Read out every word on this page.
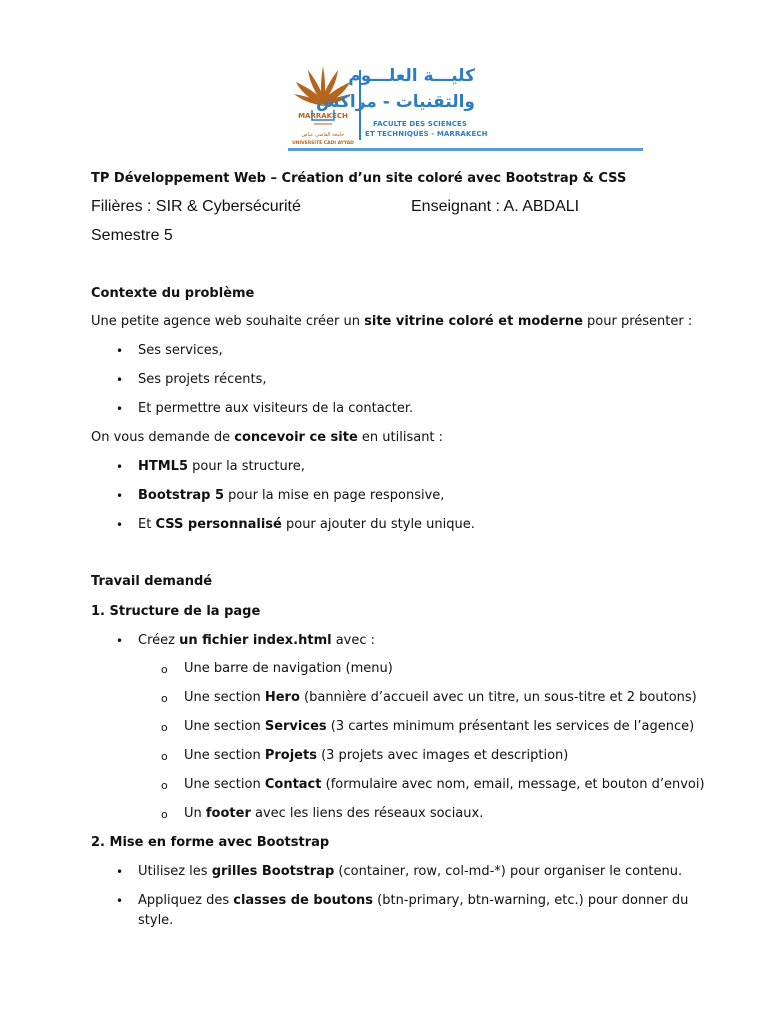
MARRAKECH
جامعة القاضي عياض
UNIVERSITÉ CADI AYYAD
كليـــة العلـــوم
والتقنيات - مراكش
FACULTE DES SCIENCES
ET TECHNIQUES - MARRAKECH
TP Développement Web – Création d’un site coloré avec Bootstrap & CSS
Filières : SIR & Cybersécurité	Enseignant : A. ABDALI
Semestre 5
Contexte du problème
Une petite agence web souhaite créer un site vitrine coloré et moderne pour présenter :
• Ses services,
• Ses projets récents,
• Et permettre aux visiteurs de la contacter.
On vous demande de concevoir ce site en utilisant :
• HTML5 pour la structure,
• Bootstrap 5 pour la mise en page responsive,
• Et CSS personnalisé pour ajouter du style unique.
Travail demandé
1. Structure de la page
• Créez un fichier index.html avec :
o Une barre de navigation (menu)
o Une section Hero (bannière d’accueil avec un titre, un sous-titre et 2 boutons)
o Une section Services (3 cartes minimum présentant les services de l’agence)
o Une section Projets (3 projets avec images et description)
o Une section Contact (formulaire avec nom, email, message, et bouton d’envoi)
o Un footer avec les liens des réseaux sociaux.
2. Mise en forme avec Bootstrap
• Utilisez les grilles Bootstrap (container, row, col-md-*) pour organiser le contenu.
• Appliquez des classes de boutons (btn-primary, btn-warning, etc.) pour donner du
style.
